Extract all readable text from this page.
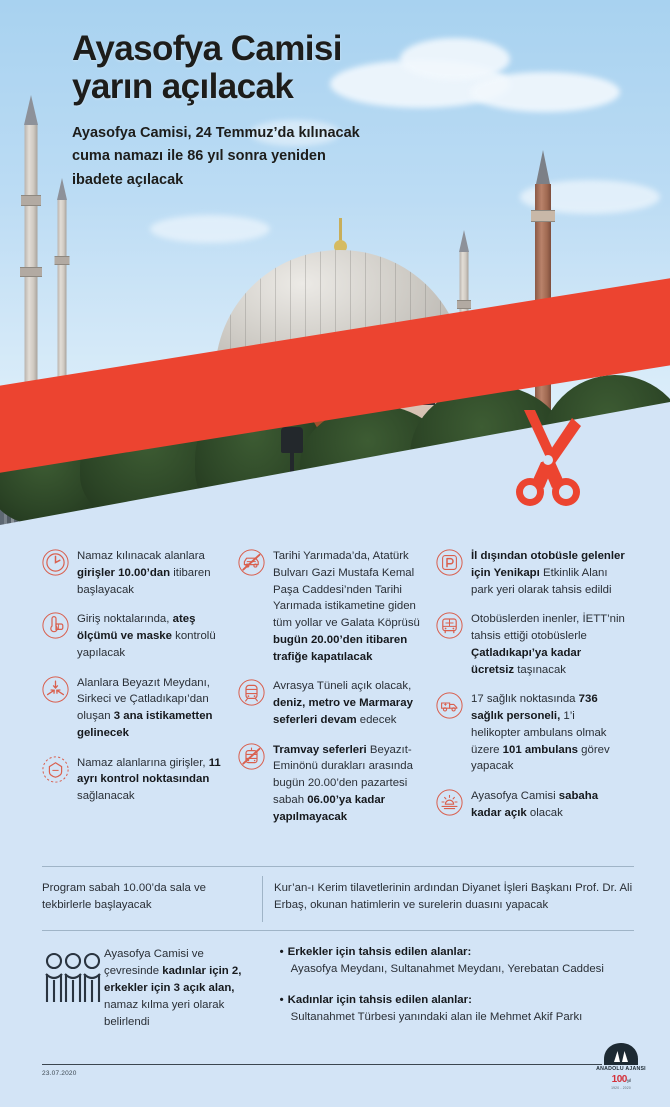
Ayasofya Camisi
yarın açılacak
Ayasofya Camisi, 24 Temmuz’da kılınacak cuma namazı ile 86 yıl sonra yeniden ibadete açılacak
Namaz kılınacak alanlara girişler 10.00’dan itibaren başlayacak
Giriş noktalarında, ateş ölçümü ve maske kontrolü yapılacak
Alanlara Beyazıt Meydanı, Sirkeci ve Çatladıkapı’dan oluşan 3 ana istikametten gelinecek
Namaz alanlarına girişler, 11 ayrı kontrol noktasından sağlanacak
Tarihi Yarımada’da, Atatürk Bulvarı Gazi Mustafa Kemal Paşa Caddesi’nden Tarihi Yarımada istikametine giden tüm yollar ve Galata Köprüsü bugün 20.00’den itibaren trafiğe kapatılacak
Avrasya Tüneli açık olacak, deniz, metro ve Marmaray seferleri devam edecek
Tramvay seferleri Beyazıt-Eminönü durakları arasında bugün 20.00’den pazartesi sabah 06.00’ya kadar yapılmayacak
İl dışından otobüsle gelenler için Yenikapı Etkinlik Alanı park yeri olarak tahsis edildi
Otobüslerden inenler, İETT’nin tahsis ettiği otobüslerle Çatladıkapı’ya kadar ücretsiz taşınacak
17 sağlık noktasında 736 sağlık personeli, 1’i helikopter ambulans olmak üzere 101 ambulans görev yapacak
Ayasofya Camisi sabaha kadar açık olacak
Program sabah 10.00’da sala ve tekbirlerle başlayacak
Kur’an-ı Kerim tilavetlerinin ardından Diyanet İşleri Başkanı Prof. Dr. Ali Erbaş, okunan hatimlerin ve surelerin duasını yapacak
Ayasofya Camisi ve çevresinde kadınlar için 2, erkekler için 3 açık alan, namaz kılma yeri olarak belirlendi
• Erkekler için tahsis edilen alanlar:
Ayasofya Meydanı, Sultanahmet Meydanı, Yerebatan Caddesi
• Kadınlar için tahsis edilen alanlar:
Sultanahmet Türbesi yanındaki alan ile Mehmet Akif Parkı
23.07.2020
ANADOLU AJANSI
100yıl
1920 - 2020
